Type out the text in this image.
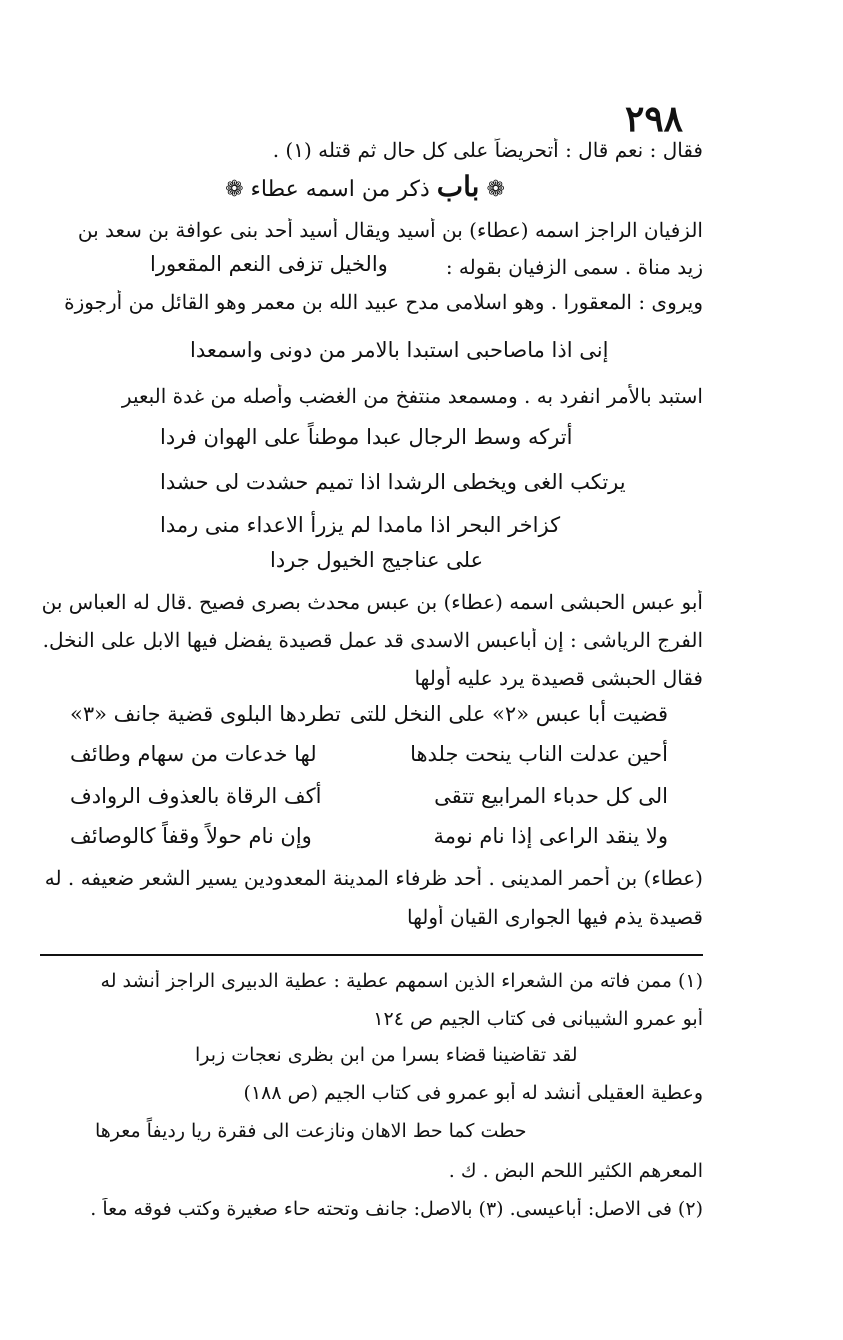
٢٩٨
فقال : نعم قال : أتحريضاً على كل حال ثم قتله (١) .
❁ باب ذكر من اسمه عطاء ❁
الزفيان الراجز اسمه (عطاء) بن أسيد ويقال أسيد أحد بنى عوافة بن سعد بن
زيد مناة . سمى الزفيان بقوله :
والخيل تزفى النعم المقعورا
ويروى : المعقورا . وهو اسلامى مدح عبيد الله بن معمر وهو القائل من أرجوزة
إنى اذا ماصاحبى استبدا بالامر من دونى واسمعدا
استبد بالأمر انفرد به . ومسمعد منتفخ من الغضب وأصله من غدة البعير
أتركه وسط الرجال عبدا موطناً على الهوان فردا
يرتكب الغى ويخطى الرشدا اذا تميم حشدت لى حشدا
كزاخر البحر اذا مامدا لم يزرأ الاعداء منى رمدا
على عناجيج الخيول جردا
أبو عبس الحبشى اسمه (عطاء) بن عبس محدث بصرى فصيح .قال له العباس بن
الفرج الرياشى : إن أباعبس الاسدى قد عمل قصيدة يفضل فيها الابل على النخل.
فقال الحبشى قصيدة يرد عليه أولها
قضيت أبا عبس «٢» على النخل للتى
تطردها البلوى قضية جانف «٣»
أحين عدلت الناب ينحت جلدها
لها خدعات من سهام وطائف
الى كل حدباء المرابيع تتقى
أكف الرقاة بالعذوف الروادف
ولا ينقد الراعى إذا نام نومة
وإن نام حولاً وقفاً كالوصائف
(عطاء) بن أحمر المدينى . أحد ظرفاء المدينة المعدودين يسير الشعر ضعيفه . له
قصيدة يذم فيها الجوارى القيان أولها
(١) ممن فاته من الشعراء الذين اسمهم عطية : عطية الدبيرى الراجز أنشد له
أبو عمرو الشيبانى فى كتاب الجيم ص ١٢٤
لقد تقاضينا قضاء بسرا من ابن بظرى نعجات زبرا
وعطية العقيلى أنشد له أبو عمرو فى كتاب الجيم (ص ١٨٨)
حطت كما حط الاهان ونازعت الى فقرة ريا رديفاً معرها
المعرهم الكثير اللحم البض . ك .
(٢) فى الاصل: أباعيسى. (٣) بالاصل: جانف وتحته حاء صغيرة وكتب فوقه معاً .
